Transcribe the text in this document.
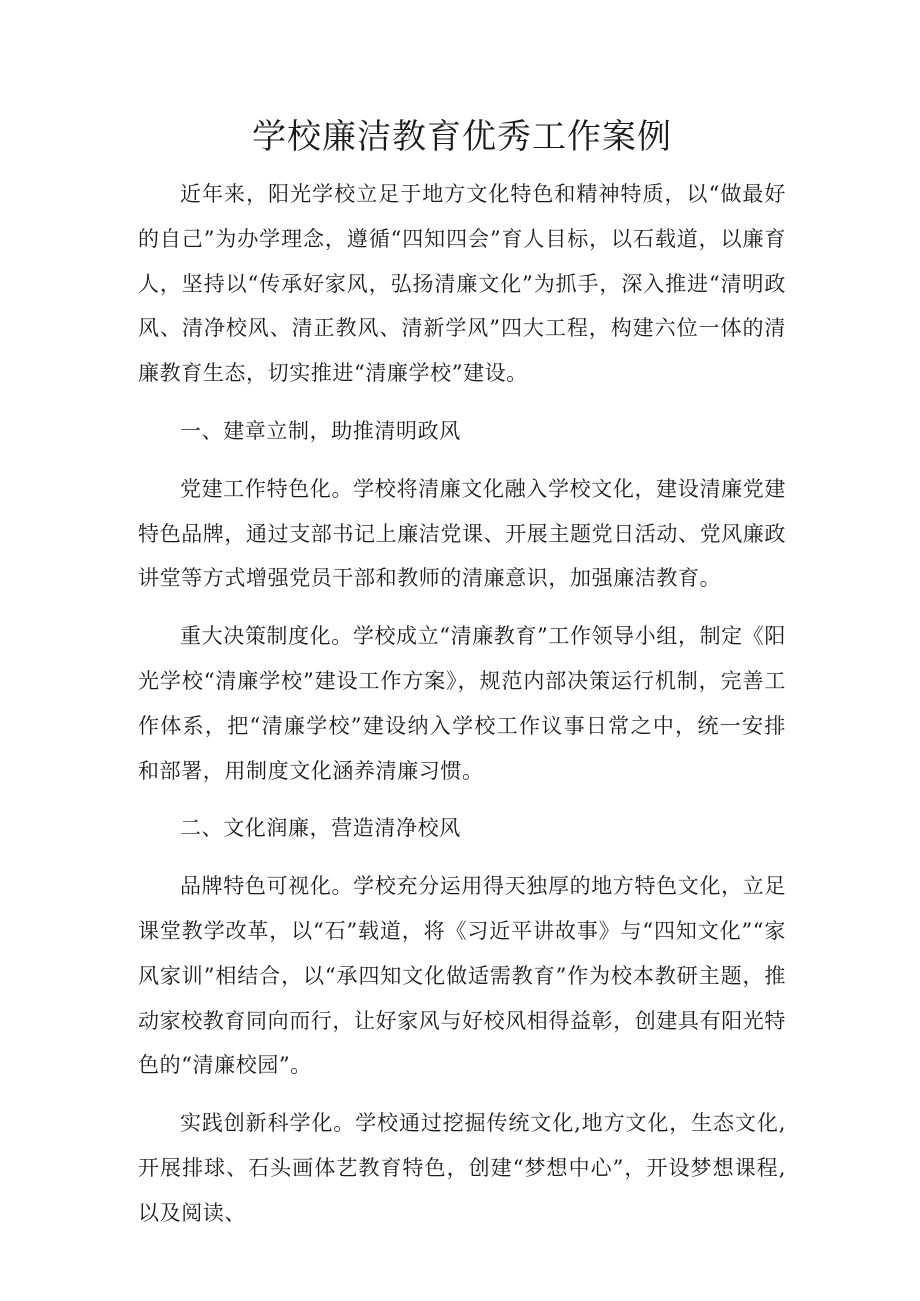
学校廉洁教育优秀工作案例

近年来，阳光学校立足于地方文化特色和精神特质，以“做最好的自己”为办学理念，遵循“四知四会”育人目标，以石载道，以廉育人，坚持以“传承好家风，弘扬清廉文化”为抓手，深入推进“清明政风、清净校风、清正教风、清新学风”四大工程，构建六位一体的清廉教育生态，切实推进“清廉学校”建设。

一、建章立制，助推清明政风

党建工作特色化。学校将清廉文化融入学校文化，建设清廉党建特色品牌，通过支部书记上廉洁党课、开展主题党日活动、党风廉政讲堂等方式增强党员干部和教师的清廉意识，加强廉洁教育。

重大决策制度化。学校成立“清廉教育”工作领导小组，制定《阳光学校“清廉学校”建设工作方案》，规范内部决策运行机制，完善工作体系，把“清廉学校”建设纳入学校工作议事日常之中，统一安排和部署，用制度文化涵养清廉习惯。

二、文化润廉，营造清净校风

品牌特色可视化。学校充分运用得天独厚的地方特色文化，立足课堂教学改革，以“石”载道，将《习近平讲故事》与“四知文化”“家风家训”相结合，以“承四知文化做适需教育”作为校本教研主题，推动家校教育同向而行，让好家风与好校风相得益彰，创建具有阳光特色的“清廉校园”。

实践创新科学化。学校通过挖掘传统文化,地方文化，生态文化,开展排球、石头画体艺教育特色，创建“梦想中心”，开设梦想课程,以及阅读、
